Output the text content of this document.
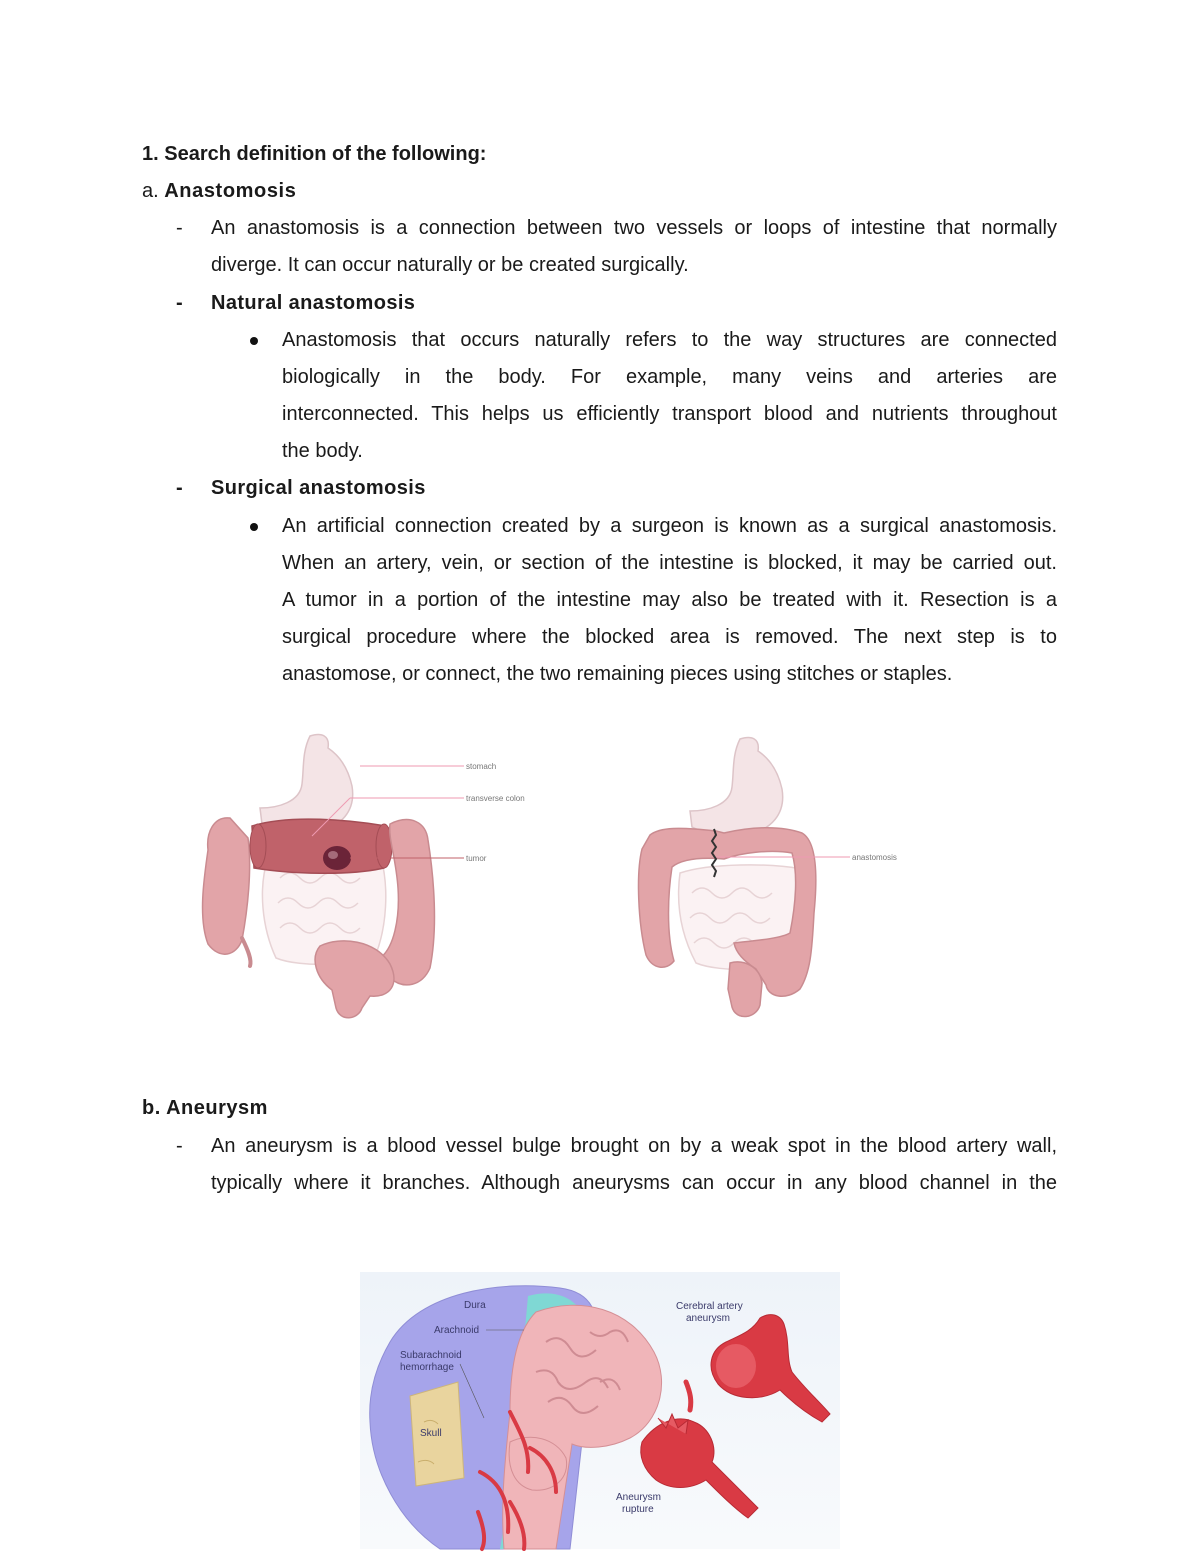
1. Search definition of the following:
a. Anastomosis
- An anastomosis is a connection between two vessels or loops of intestine that normally
diverge. It can occur naturally or be created surgically.
- Natural anastomosis
Anastomosis that occurs naturally refers to the way structures are connected
biologically in the body. For example, many veins and arteries are
interconnected. This helps us efficiently transport blood and nutrients throughout
the body.
- Surgical anastomosis
An artificial connection created by a surgeon is known as a surgical anastomosis.
When an artery, vein, or section of the intestine is blocked, it may be carried out.
A tumor in a portion of the intestine may also be treated with it. Resection is a
surgical procedure where the blocked area is removed. The next step is to
anastomose, or connect, the two remaining pieces using stitches or staples.
stomach
transverse colon
tumor	anastomosis
b. Aneurysm
- An aneurysm is a blood vessel bulge brought on by a weak spot in the blood artery wall,
typically where it branches. Although aneurysms can occur in any blood channel in the
Dura
Arachnoid
Subarachnoid hemorrhage
Skull
Cerebral artery aneurysm
Aneurysm rupture
